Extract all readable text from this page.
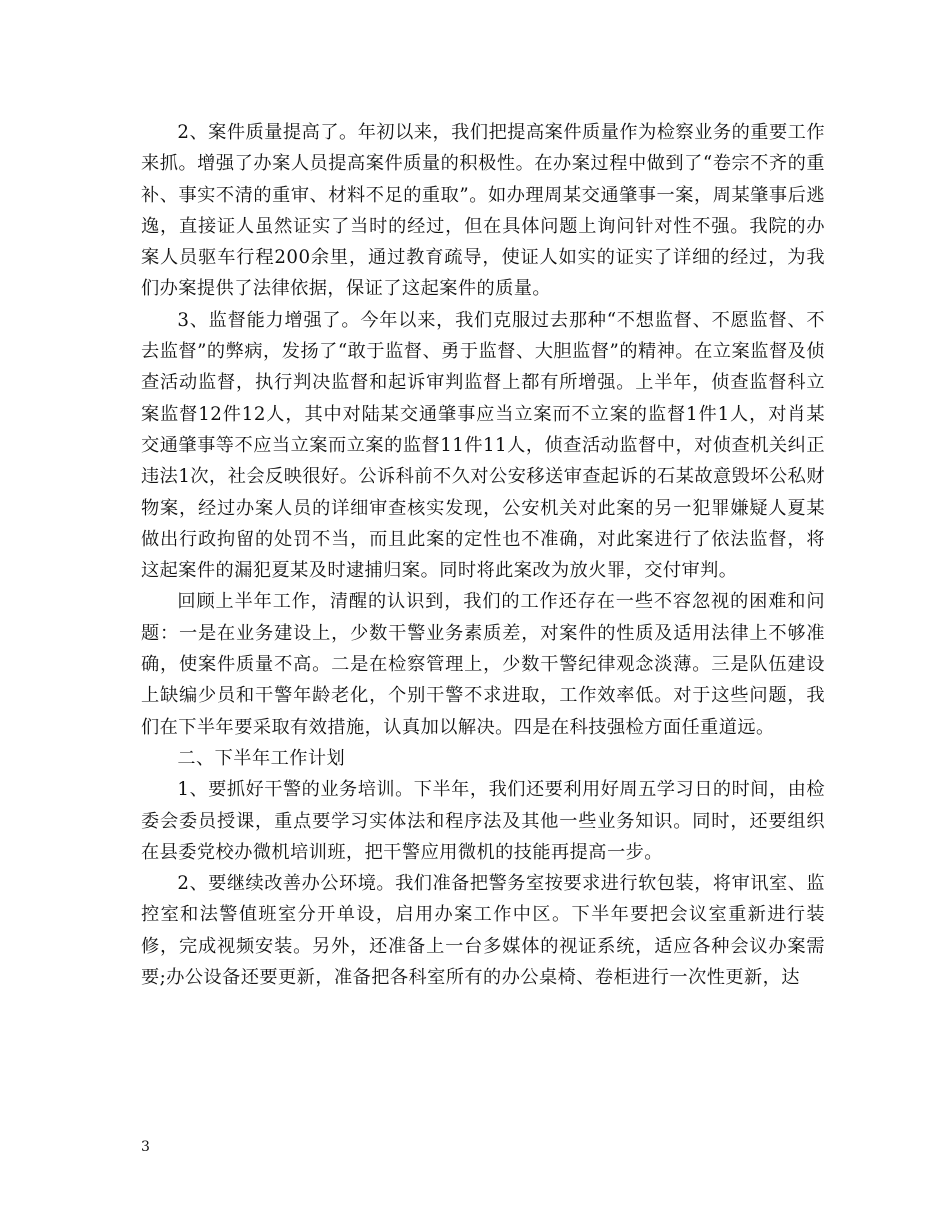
2、案件质量提高了。年初以来，我们把提高案件质量作为检察业务的重要工作来抓。增强了办案人员提高案件质量的积极性。在办案过程中做到了“卷宗不齐的重补、事实不清的重审、材料不足的重取”。如办理周某交通肇事一案，周某肇事后逃逸，直接证人虽然证实了当时的经过，但在具体问题上询问针对性不强。我院的办案人员驱车行程200余里，通过教育疏导，使证人如实的证实了详细的经过，为我们办案提供了法律依据，保证了这起案件的质量。

3、监督能力增强了。今年以来，我们克服过去那种“不想监督、不愿监督、不去监督”的弊病，发扬了“敢于监督、勇于监督、大胆监督”的精神。在立案监督及侦查活动监督，执行判决监督和起诉审判监督上都有所增强。上半年，侦查监督科立案监督12件12人，其中对陆某交通肇事应当立案而不立案的监督1件1人，对肖某交通肇事等不应当立案而立案的监督11件11人，侦查活动监督中，对侦查机关纠正违法1次，社会反映很好。公诉科前不久对公安移送审查起诉的石某故意毁坏公私财物案，经过办案人员的详细审查核实发现，公安机关对此案的另一犯罪嫌疑人夏某做出行政拘留的处罚不当，而且此案的定性也不准确，对此案进行了依法监督，将这起案件的漏犯夏某及时逮捕归案。同时将此案改为放火罪，交付审判。

回顾上半年工作，清醒的认识到，我们的工作还存在一些不容忽视的困难和问题：一是在业务建设上，少数干警业务素质差，对案件的性质及适用法律上不够准确，使案件质量不高。二是在检察管理上，少数干警纪律观念淡薄。三是队伍建设上缺编少员和干警年龄老化，个别干警不求进取，工作效率低。对于这些问题，我们在下半年要采取有效措施，认真加以解决。四是在科技强检方面任重道远。

二、下半年工作计划

1、要抓好干警的业务培训。下半年，我们还要利用好周五学习日的时间，由检委会委员授课，重点要学习实体法和程序法及其他一些业务知识。同时，还要组织在县委党校办微机培训班，把干警应用微机的技能再提高一步。

2、要继续改善办公环境。我们准备把警务室按要求进行软包装，将审讯室、监控室和法警值班室分开单设，启用办案工作中区。下半年要把会议室重新进行装修，完成视频安装。另外，还准备上一台多媒体的视证系统，适应各种会议办案需要;办公设备还要更新，准备把各科室所有的办公桌椅、卷柜进行一次性更新，达

3
